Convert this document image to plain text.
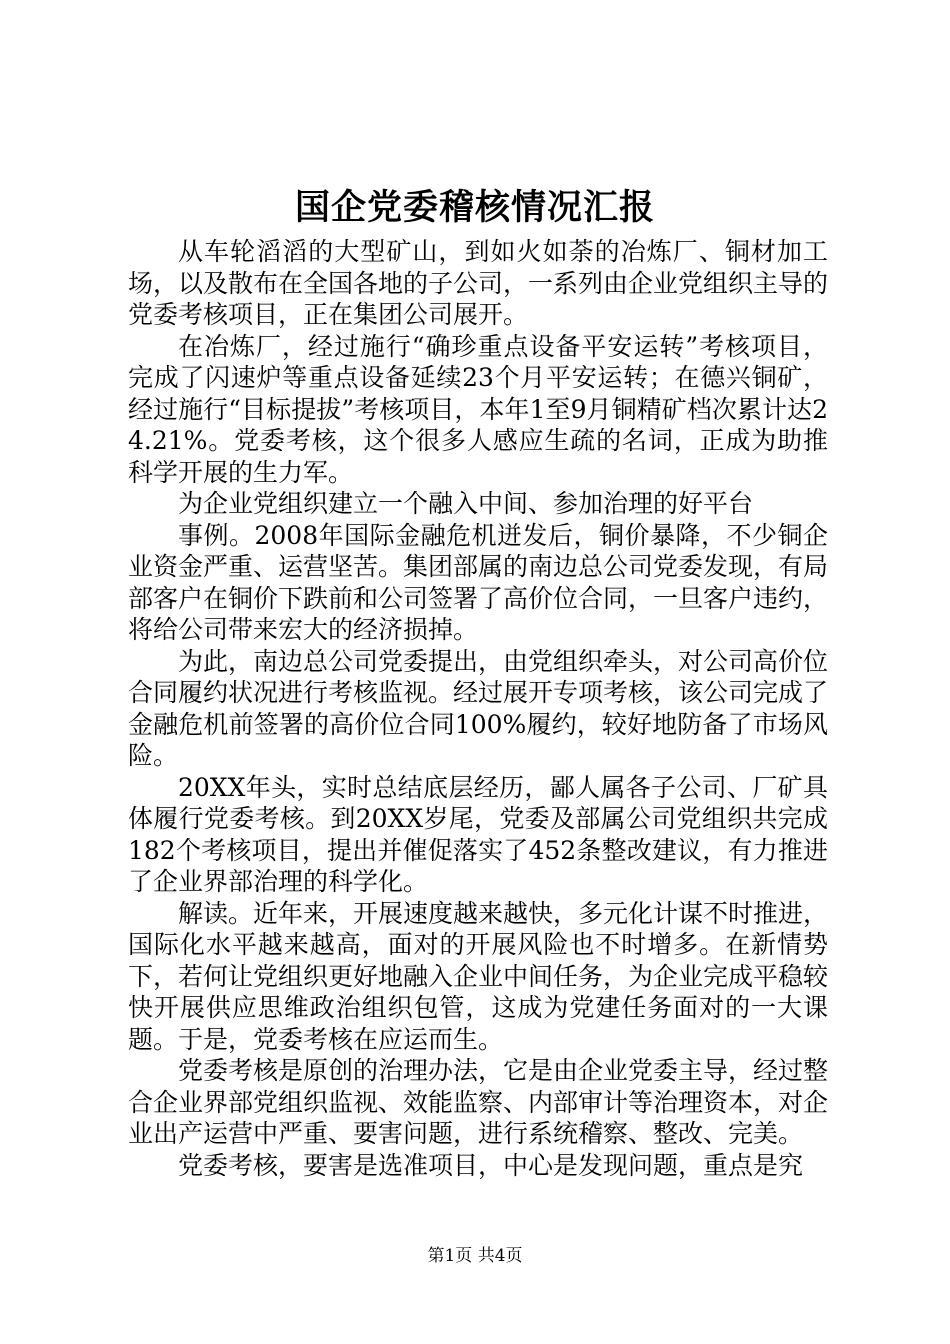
国企党委稽核情况汇报

从车轮滔滔的大型矿山，到如火如荼的冶炼厂、铜材加工场，以及散布在全国各地的子公司，一系列由企业党组织主导的党委考核项目，正在集团公司展开。

在冶炼厂，经过施行“确珍重点设备平安运转”考核项目，完成了闪速炉等重点设备延续23个月平安运转；在德兴铜矿，经过施行“目标提拔”考核项目，本年1至9月铜精矿档次累计达24.21%。党委考核，这个很多人感应生疏的名词，正成为助推科学开展的生力军。

为企业党组织建立一个融入中间、参加治理的好平台

事例。2008年国际金融危机迸发后，铜价暴降，不少铜企业资金严重、运营坚苦。集团部属的南边总公司党委发现，有局部客户在铜价下跌前和公司签署了高价位合同，一旦客户违约，将给公司带来宏大的经济损掉。

为此，南边总公司党委提出，由党组织牵头，对公司高价位合同履约状况进行考核监视。经过展开专项考核，该公司完成了金融危机前签署的高价位合同100%履约，较好地防备了市场风险。

20XX年头，实时总结底层经历，鄙人属各子公司、厂矿具体履行党委考核。到20XX岁尾，党委及部属公司党组织共完成182个考核项目，提出并催促落实了452条整改建议，有力推进了企业界部治理的科学化。

解读。近年来，开展速度越来越快，多元化计谋不时推进，国际化水平越来越高，面对的开展风险也不时增多。在新情势下，若何让党组织更好地融入企业中间任务，为企业完成平稳较快开展供应思维政治组织包管，这成为党建任务面对的一大课题。于是，党委考核在应运而生。

党委考核是原创的治理办法，它是由企业党委主导，经过整合企业界部党组织监视、效能监察、内部审计等治理资本，对企业出产运营中严重、要害问题，进行系统稽察、整改、完美。

党委考核，要害是选准项目，中心是发现问题，重点是究

第1页 共4页
